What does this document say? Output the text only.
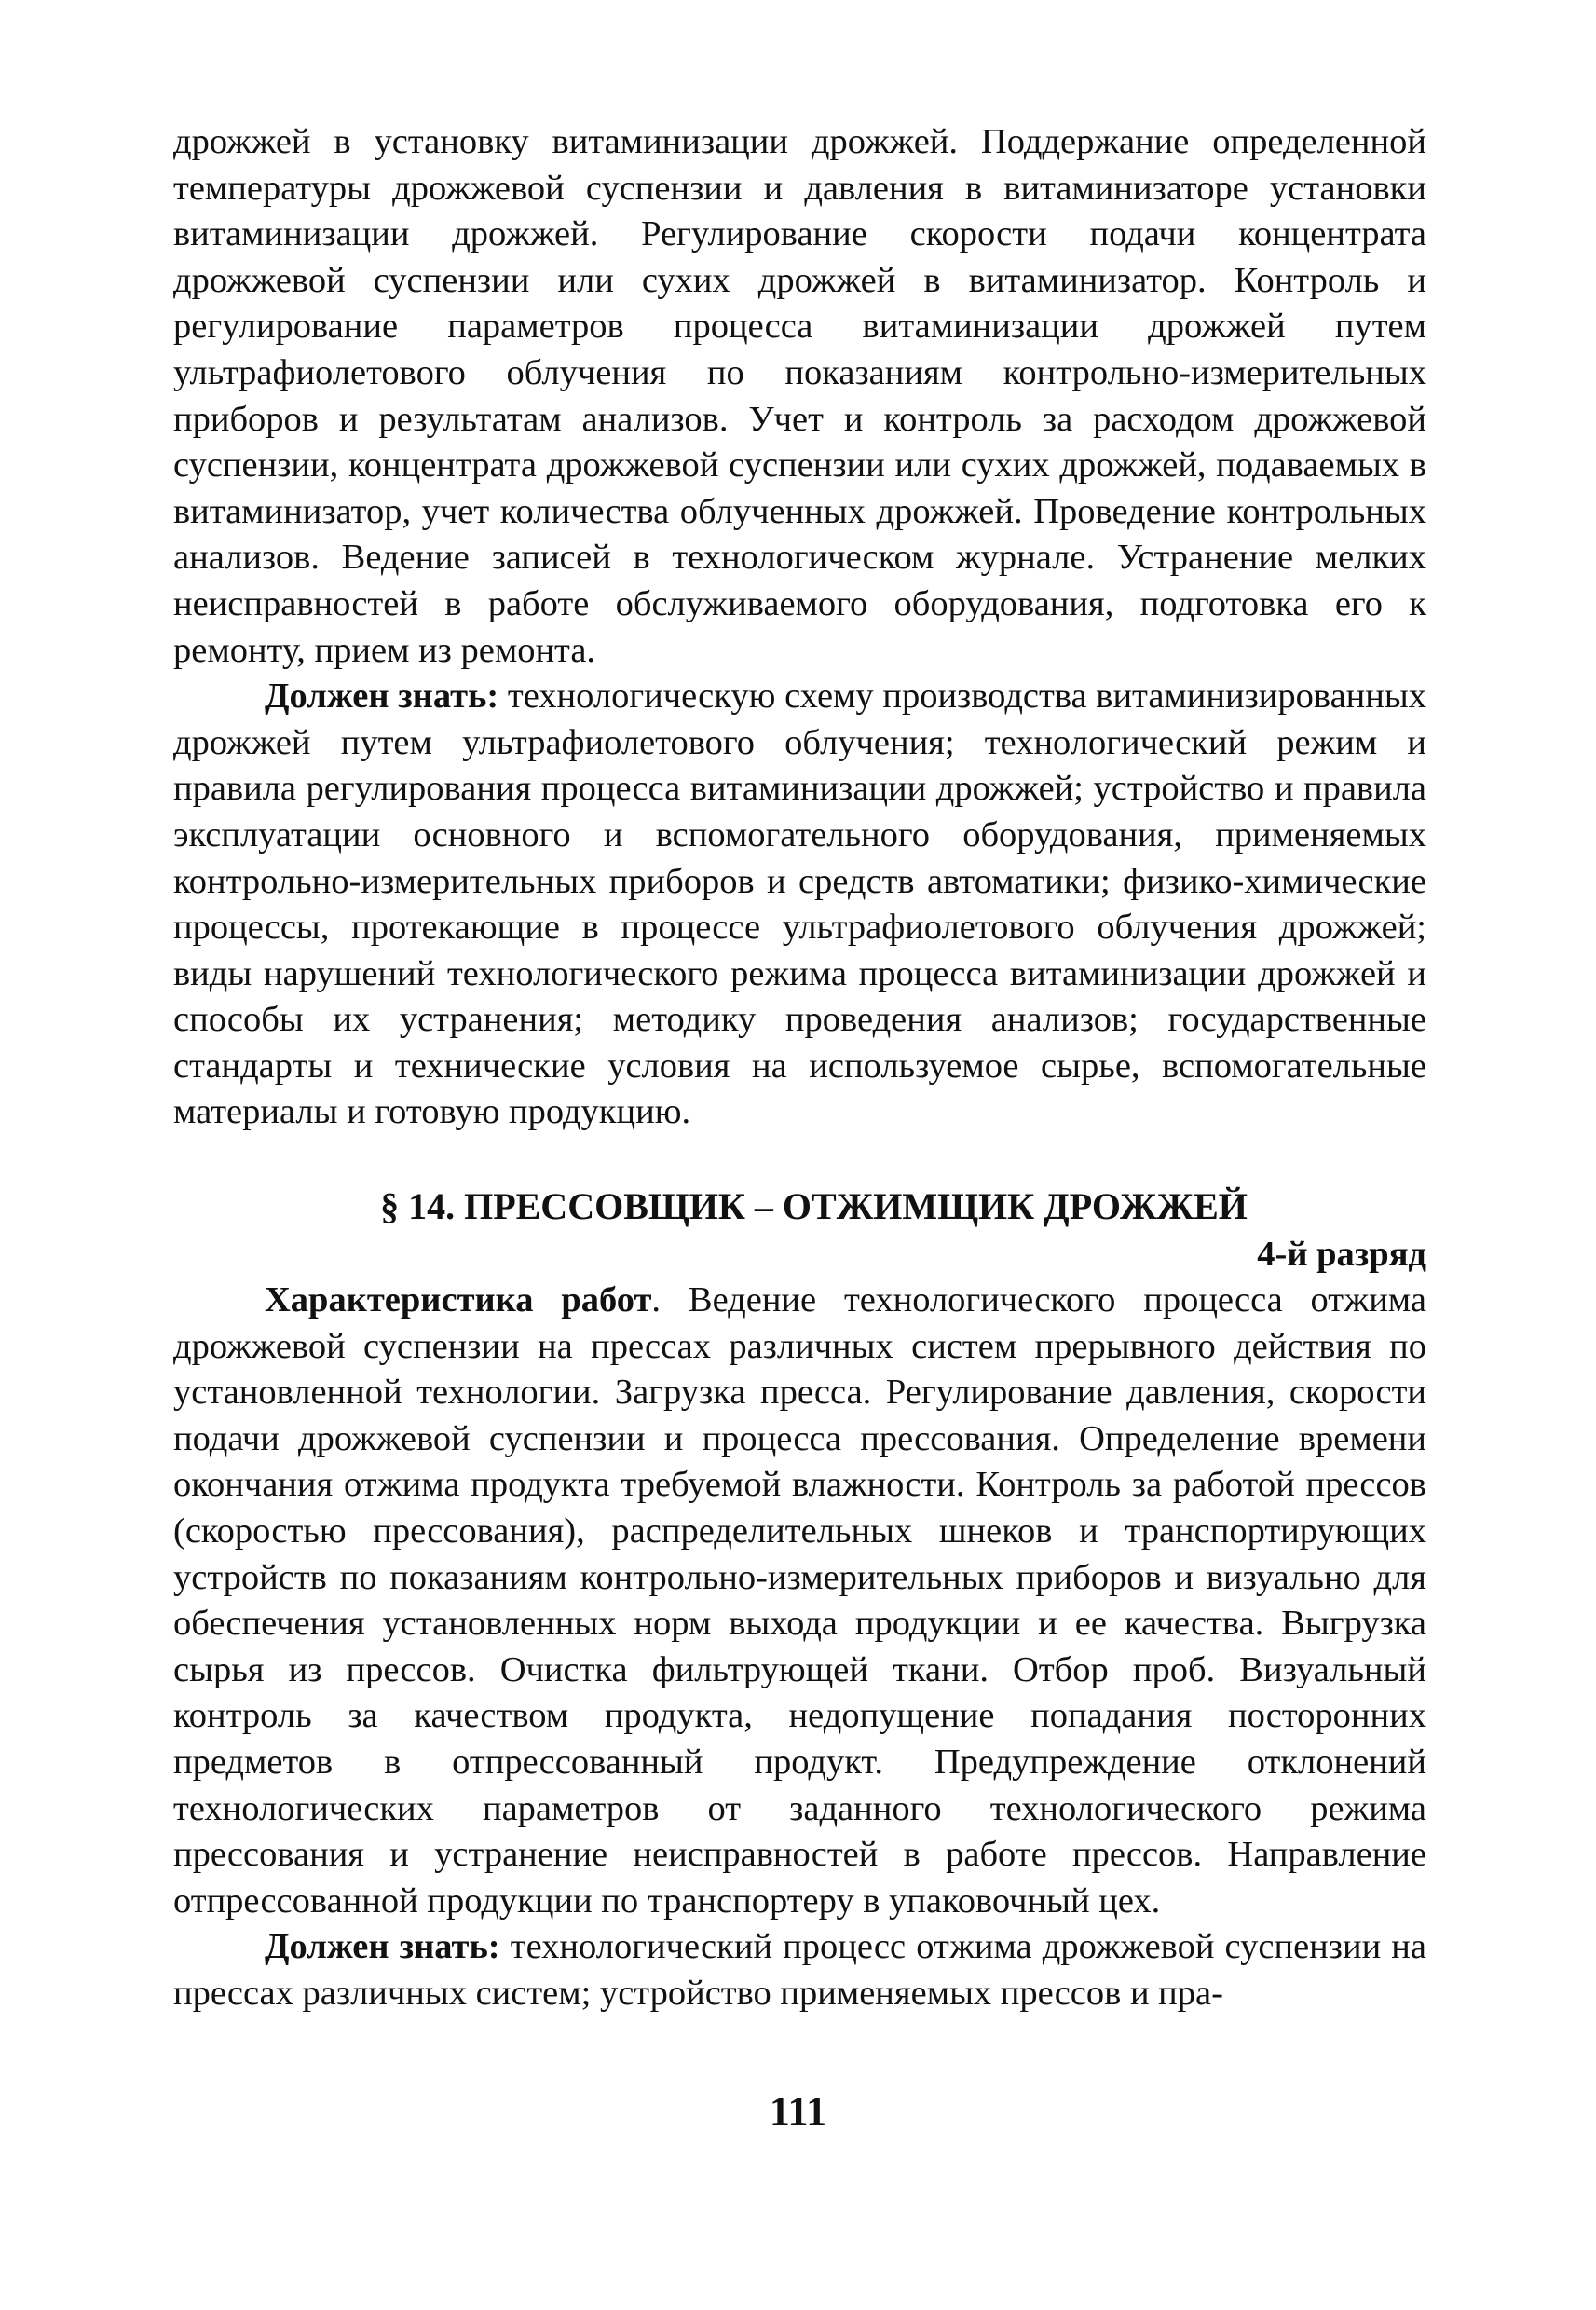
дрожжей в установку витаминизации дрожжей. Поддержание определенной температуры дрожжевой суспензии и давления в витаминизаторе установки витаминизации дрожжей. Регулирование скорости подачи концентрата дрожжевой суспензии или сухих дрожжей в витаминизатор. Контроль и регулирование параметров процесса витаминизации дрожжей путем ультрафиолетового облучения по показаниям контрольно-измерительных приборов и результатам анализов. Учет и контроль за расходом дрожжевой суспензии, концентрата дрожжевой суспензии или сухих дрожжей, подаваемых в витаминизатор, учет количества облученных дрожжей. Проведение контрольных анализов. Ведение записей в технологическом журнале. Устранение мелких неисправностей в работе обслуживаемого оборудования, подготовка его к ремонту, прием из ремонта.

Должен знать: технологическую схему производства витаминизированных дрожжей путем ультрафиолетового облучения; технологический режим и правила регулирования процесса витаминизации дрожжей; устройство и правила эксплуатации основного и вспомогательного оборудования, применяемых контрольно-измерительных приборов и средств автоматики; физико-химические процессы, протекающие в процессе ультрафиолетового облучения дрожжей; виды нарушений технологического режима процесса витаминизации дрожжей и способы их устранения; методику проведения анализов; государственные стандарты и технические условия на используемое сырье, вспомогательные материалы и готовую продукцию.

§ 14. ПРЕССОВЩИК – ОТЖИМЩИК ДРОЖЖЕЙ

4-й разряд

Характеристика работ. Ведение технологического процесса отжима дрожжевой суспензии на прессах различных систем прерывного действия по установленной технологии. Загрузка пресса. Регулирование давления, скорости подачи дрожжевой суспензии и процесса прессования. Определение времени окончания отжима продукта требуемой влажности. Контроль за работой прессов (скоростью прессования), распределительных шнеков и транспортирующих устройств по показаниям контрольно-измерительных приборов и визуально для обеспечения установленных норм выхода продукции и ее качества. Выгрузка сырья из прессов. Очистка фильтрующей ткани. Отбор проб. Визуальный контроль за качеством продукта, недопущение попадания посторонних предметов в отпрессованный продукт. Предупреждение отклонений технологических параметров от заданного технологического режима прессования и устранение неисправностей в работе прессов. Направление отпрессованной продукции по транспортеру в упаковочный цех.

Должен знать: технологический процесс отжима дрожжевой суспензии на прессах различных систем; устройство применяемых прессов и пра-

111
